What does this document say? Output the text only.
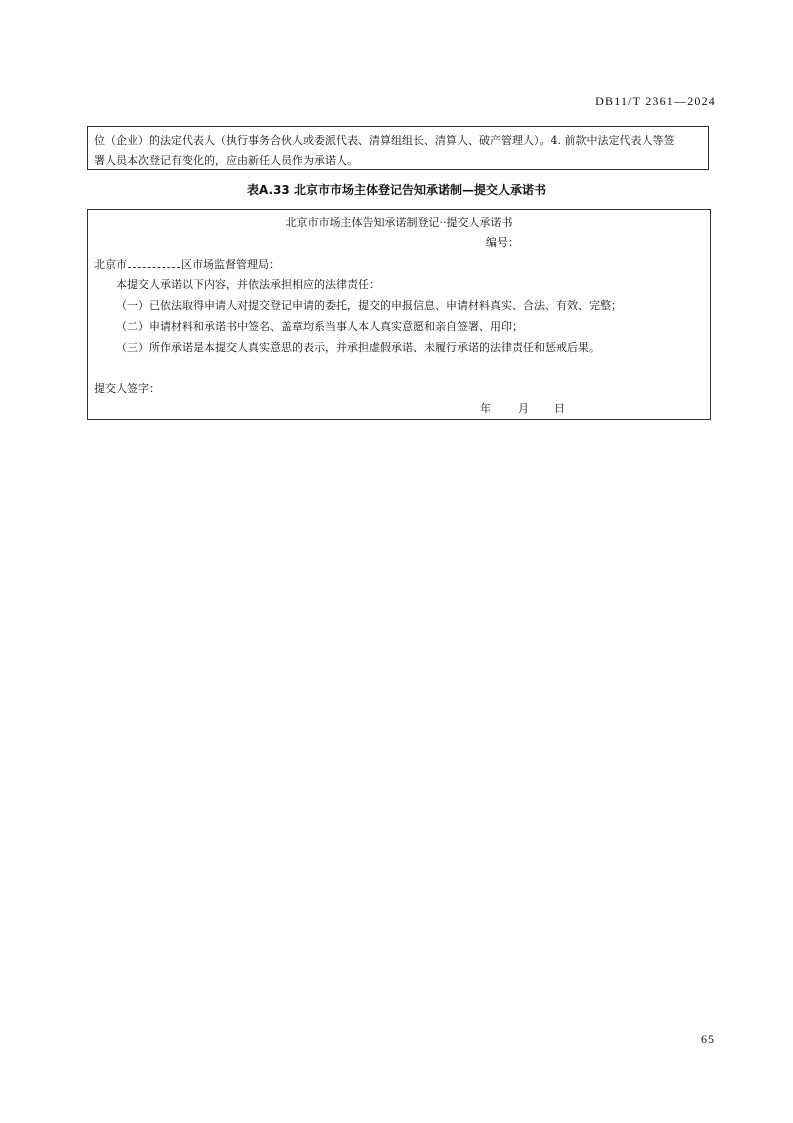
DB11/T 2361—2024
位（企业）的法定代表人（执行事务合伙人或委派代表、清算组组长、清算人、破产管理人）。4. 前款中法定代表人等签
署人员本次登记有变化的，应由新任人员作为承诺人。
表A.33 北京市市场主体登记告知承诺制—提交人承诺书
北京市市场主体告知承诺制登记··提交人承诺书
编号：
北京市	区市场监督管理局：
本提交人承诺以下内容，并依法承担相应的法律责任：
（一）已依法取得申请人对提交登记申请的委托，提交的申报信息、申请材料真实、合法、有效、完整；
（二）申请材料和承诺书中签名、盖章均系当事人本人真实意愿和亲自签署、用印；
（三）所作承诺是本提交人真实意思的表示，并承担虚假承诺、未履行承诺的法律责任和惩戒后果。
提交人签字：
年 月 日
65
